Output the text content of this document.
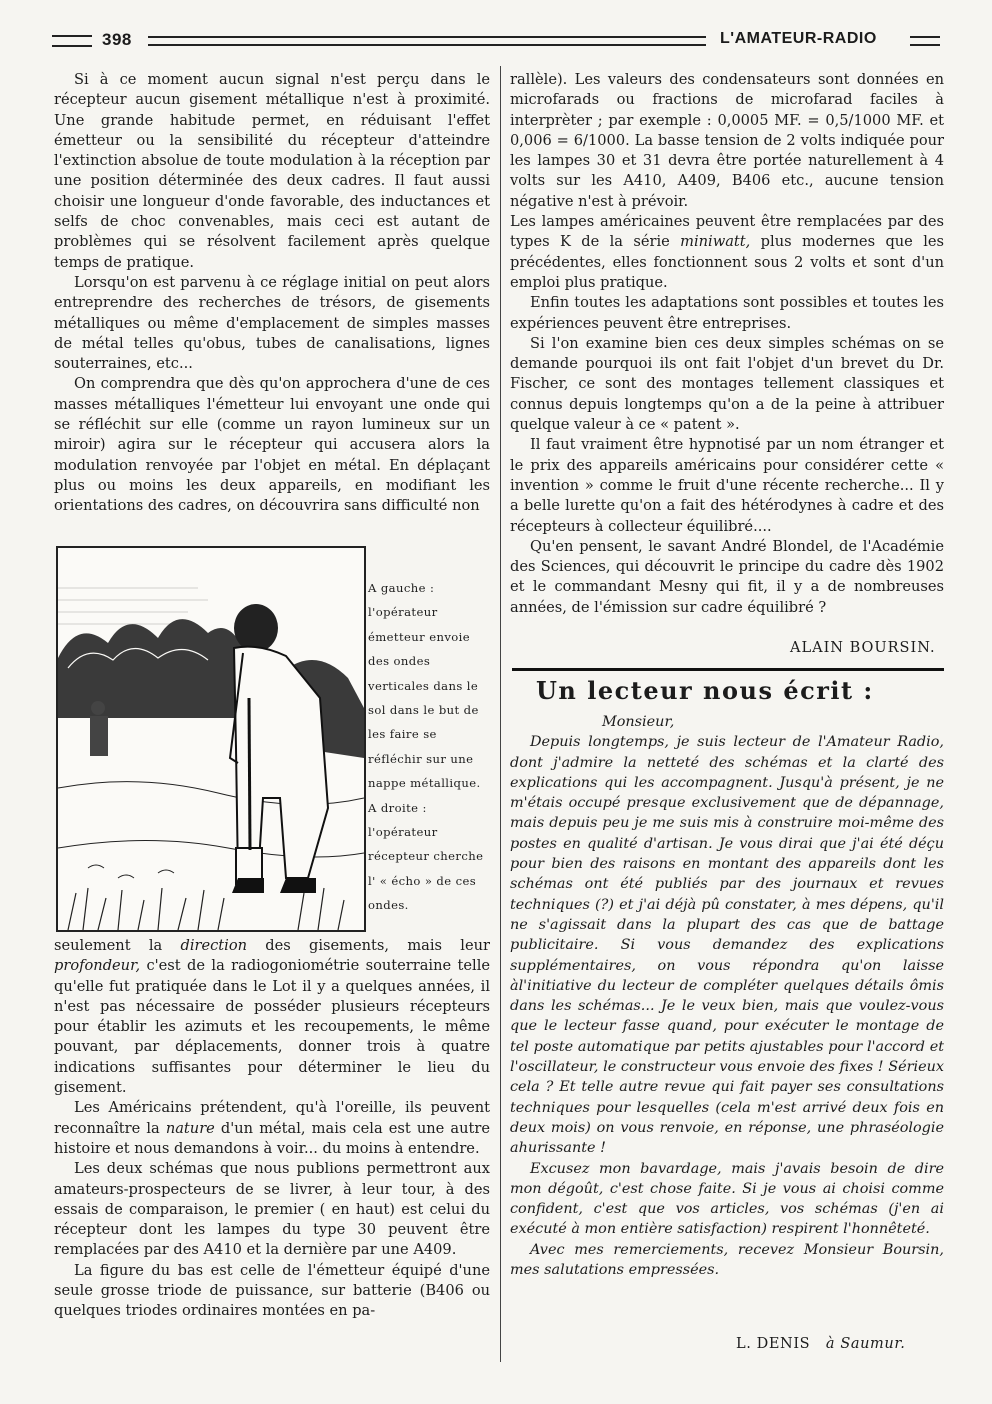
398	L'AMATEUR-RADIO

Si à ce moment aucun signal n'est perçu dans le récepteur aucun gisement métallique n'est à proximité. Une grande habitude permet, en réduisant l'effet émetteur ou la sensibilité du récepteur d'atteindre l'extinction absolue de toute modulation à la réception par une position déterminée des deux cadres. Il faut aussi choisir une longueur d'onde favorable, des inductances et selfs de choc convenables, mais ceci est autant de problèmes qui se résolvent facilement après quelque temps de pratique.

Lorsqu'on est parvenu à ce réglage initial on peut alors entreprendre des recherches de trésors, de gisements métalliques ou même d'emplacement de simples masses de métal telles qu'obus, tubes de canalisations, lignes souterraines, etc...

On comprendra que dès qu'on approchera d'une de ces masses métalliques l'émetteur lui envoyant une onde qui se réfléchit sur elle (comme un rayon lumineux sur un miroir) agira sur le récepteur qui accusera alors la modulation renvoyée par l'objet en métal. En déplaçant plus ou moins les deux appareils, en modifiant les orientations des cadres, on découvrira sans difficulté non

A gauche : l'opérateur émetteur envoie des ondes verticales dans le sol dans le but de les faire se réfléchir sur une nappe métallique. A droite : l'opérateur récepteur cherche l' « écho » de ces ondes.

seulement la direction des gisements, mais leur profondeur, c'est de la radiogoniométrie souterraine telle qu'elle fut pratiquée dans le Lot il y a quelques années, il n'est pas nécessaire de posséder plusieurs récepteurs pour établir les azimuts et les recoupements, le même pouvant, par déplacements, donner trois à quatre indications suffisantes pour déterminer le lieu du gisement.

Les Américains prétendent, qu'à l'oreille, ils peuvent reconnaître la nature d'un métal, mais cela est une autre histoire et nous demandons à voir... du moins à entendre.

Les deux schémas que nous publions permettront aux amateurs-prospecteurs de se livrer, à leur tour, à des essais de comparaison, le premier ( en haut) est celui du récepteur dont les lampes du type 30 peuvent être remplacées par des A410 et la dernière par une A409.

La figure du bas est celle de l'émetteur équipé d'une seule grosse triode de puissance, sur batterie (B406 ou quelques triodes ordinaires montées en pa-

rallèle). Les valeurs des condensateurs sont données en microfarads ou fractions de microfarad faciles à interprèter ; par exemple : 0,0005 MF. = 0,5/1000 MF. et 0,006 = 6/1000. La basse tension de 2 volts indiquée pour les lampes 30 et 31 devra être portée naturellement à 4 volts sur les A410, A409, B406 etc., aucune tension négative n'est à prévoir.

Les lampes américaines peuvent être remplacées par des types K de la série miniwatt, plus modernes que les précédentes, elles fonctionnent sous 2 volts et sont d'un emploi plus pratique.

Enfin toutes les adaptations sont possibles et toutes les expériences peuvent être entreprises.

Si l'on examine bien ces deux simples schémas on se demande pourquoi ils ont fait l'objet d'un brevet du Dr. Fischer, ce sont des montages tellement classiques et connus depuis longtemps qu'on a de la peine à attribuer quelque valeur à ce « patent ».

Il faut vraiment être hypnotisé par un nom étranger et le prix des appareils américains pour considérer cette « invention » comme le fruit d'une récente recherche... Il y a belle lurette qu'on a fait des hétérodynes à cadre et des récepteurs à collecteur équilibré....

Qu'en pensent, le savant André Blondel, de l'Académie des Sciences, qui découvrit le principe du cadre dès 1902 et le commandant Mesny qui fit, il y a de nombreuses années, de l'émission sur cadre équilibré ?

ALAIN BOURSIN.
Un lecteur nous écrit :

Monsieur,

Depuis longtemps, je suis lecteur de l'Amateur Radio, dont j'admire la netteté des schémas et la clarté des explications qui les accompagnent. Jusqu'à présent, je ne m'étais occupé presque exclusivement que de dépannage, mais depuis peu je me suis mis à construire moi-même des postes en qualité d'artisan. Je vous dirai que j'ai été déçu pour bien des raisons en montant des appareils dont les schémas ont été publiés par des journaux et revues techniques (?) et j'ai déjà pû constater, à mes dépens, qu'il ne s'agissait dans la plupart des cas que de battage publicitaire. Si vous demandez des explications supplémentaires, on vous répondra qu'on laisse àl'initiative du lecteur de compléter quelques détails ômis dans les schémas... Je le veux bien, mais que voulez-vous que le lecteur fasse quand, pour exécuter le montage de tel poste automatique par petits ajustables pour l'accord et l'oscillateur, le constructeur vous envoie des fixes ! Sérieux cela ? Et telle autre revue qui fait payer ses consultations techniques pour lesquelles (cela m'est arrivé deux fois en deux mois) on vous renvoie, en réponse, une phraséologie ahurissante !

Excusez mon bavardage, mais j'avais besoin de dire mon dégoût, c'est chose faite. Si je vous ai choisi comme confident, c'est que vos articles, vos schémas (j'en ai exécuté à mon entière satisfaction) respirent l'honnêteté.

Avec mes remerciements, recevez Monsieur Boursin, mes salutations empressées.

L. DENIS à Saumur.
